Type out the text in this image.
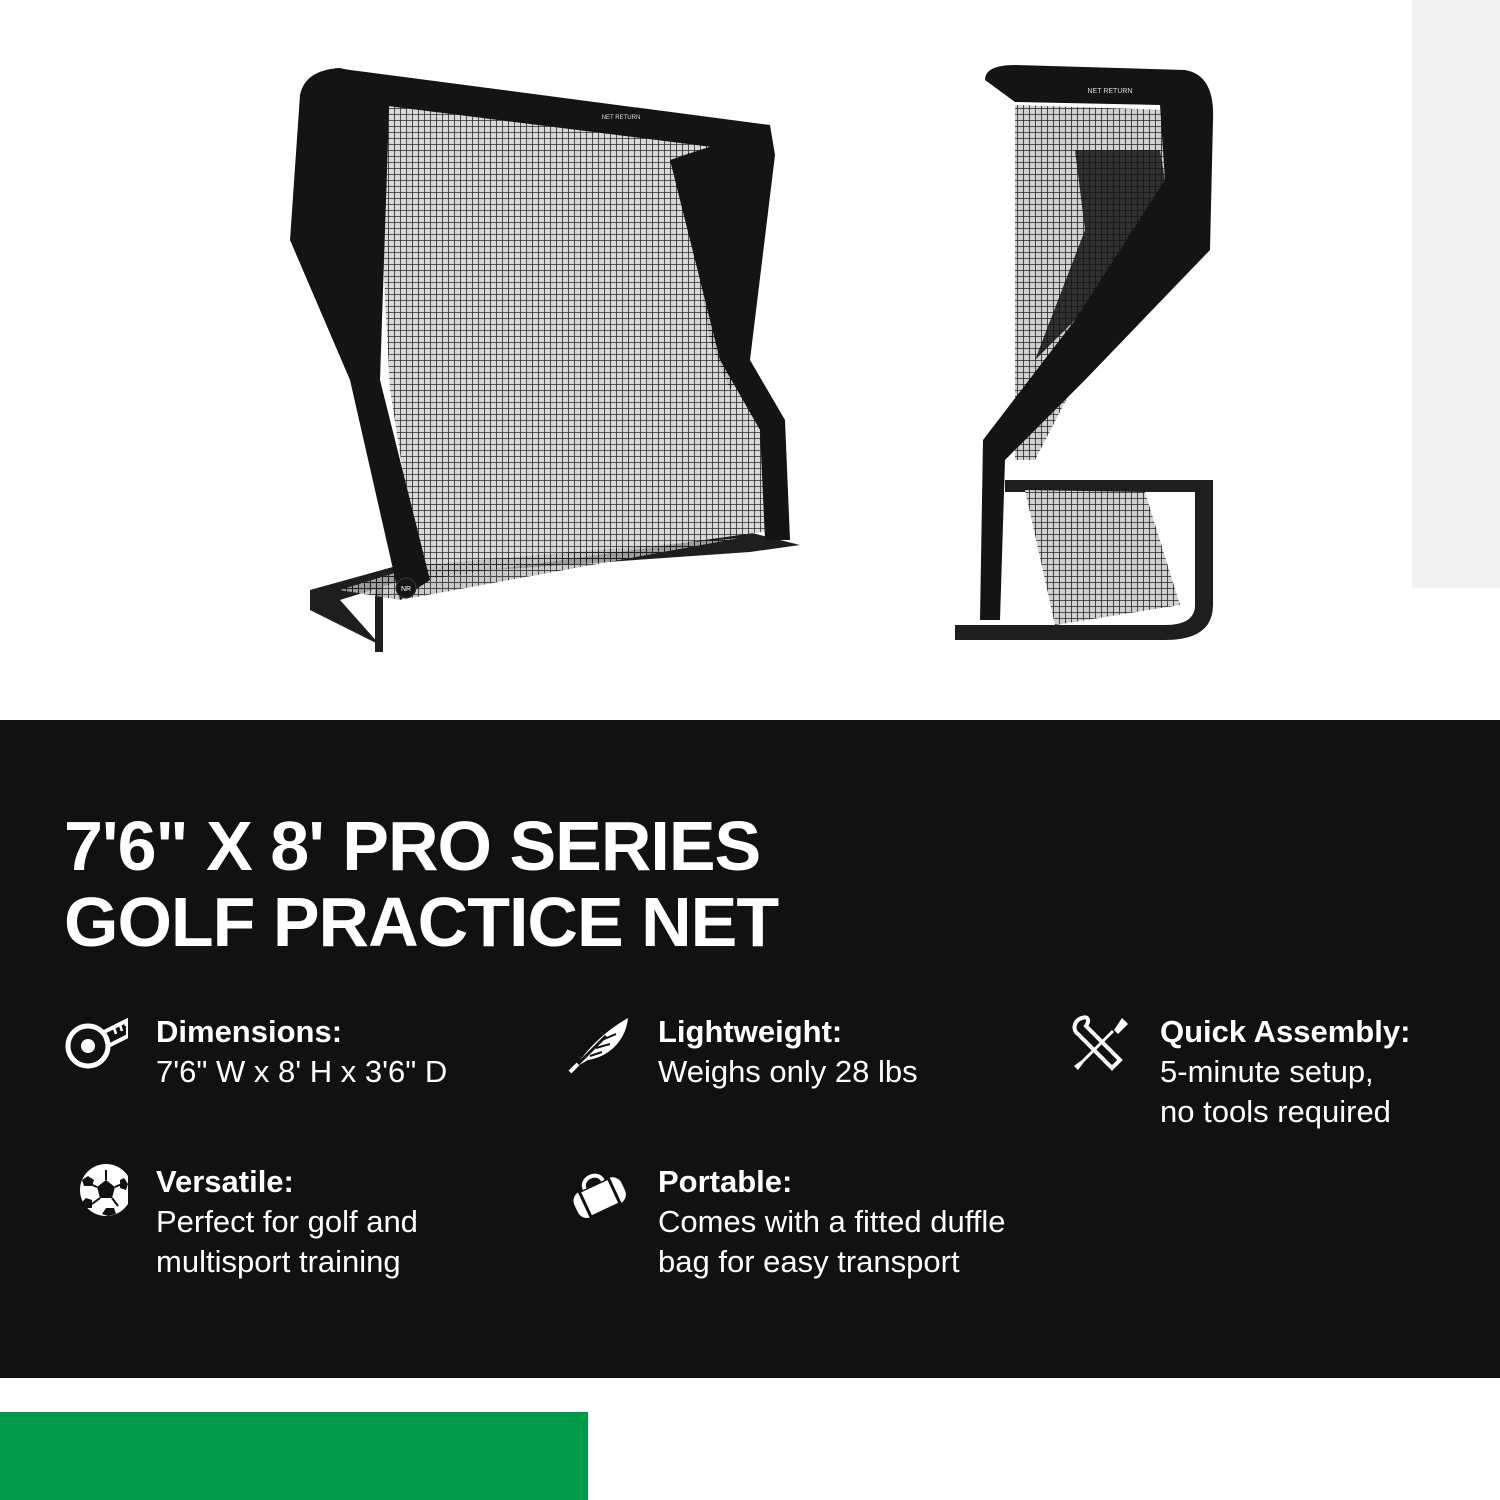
NET RETURN
NR
NET RETURN
7'6" X 8' PRO SERIES
GOLF PRACTICE NET
Dimensions:
7'6" W x 8' H x 3'6" D
Lightweight:
Weighs only 28 lbs
Quick Assembly:
5-minute setup,
no tools required
Versatile:
Perfect for golf and
multisport training
Portable:
Comes with a fitted duffle
bag for easy transport
